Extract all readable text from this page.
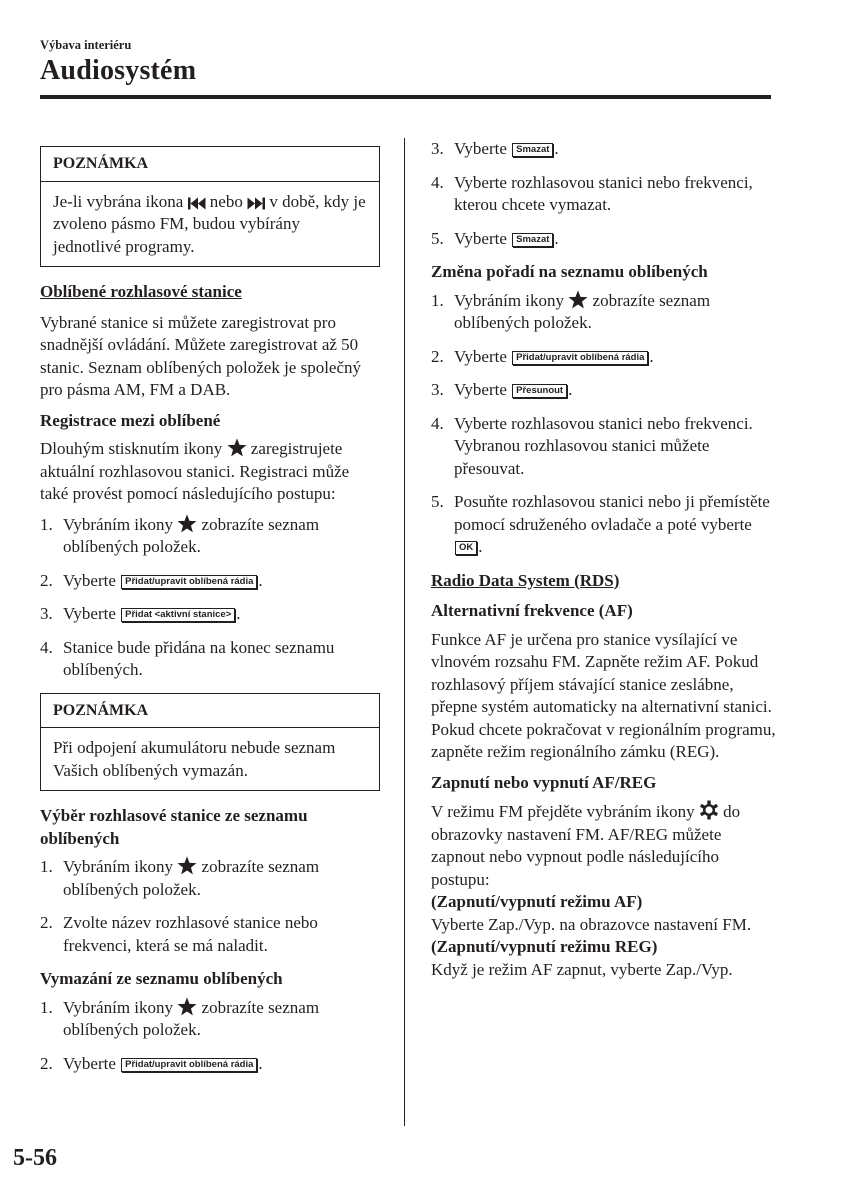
Výbava interiéru
Audiosystém
POZNÁMKA
Je-li vybrána ikona  nebo  v době, kdy je zvoleno pásmo FM, budou vybírány jednotlivé programy.
Oblíbené rozhlasové stanice
Vybrané stanice si můžete zaregistrovat pro snadnější ovládání. Můžete zaregistrovat až 50 stanic. Seznam oblíbených položek je společný pro pásma AM, FM a DAB.
Registrace mezi oblíbené
Dlouhým stisknutím ikony  zaregistrujete aktuální rozhlasovou stanici. Registraci může také provést pomocí následujícího postupu:
1. Vybráním ikony  zobrazíte seznam oblíbených položek.
2. Vyberte Přidat/upravit oblíbená rádia .
3. Vyberte Přidat <aktivní stanice> .
4. Stanice bude přidána na konec seznamu oblíbených.
POZNÁMKA
Při odpojení akumulátoru nebude seznam Vašich oblíbených vymazán.
Výběr rozhlasové stanice ze seznamu oblíbených
1. Vybráním ikony  zobrazíte seznam oblíbených položek.
2. Zvolte název rozhlasové stanice nebo frekvenci, která se má naladit.
Vymazání ze seznamu oblíbených
1. Vybráním ikony  zobrazíte seznam oblíbených položek.
2. Vyberte Přidat/upravit oblíbená rádia .
3. Vyberte Smazat .
4. Vyberte rozhlasovou stanici nebo frekvenci, kterou chcete vymazat.
5. Vyberte Smazat .
Změna pořadí na seznamu oblíbených
1. Vybráním ikony  zobrazíte seznam oblíbených položek.
2. Vyberte Přidat/upravit oblíbená rádia .
3. Vyberte Přesunout .
4. Vyberte rozhlasovou stanici nebo frekvenci. Vybranou rozhlasovou stanici můžete přesouvat.
5. Posuňte rozhlasovou stanici nebo ji přemístěte pomocí sdruženého ovladače a poté vyberte OK .
Radio Data System (RDS)
Alternativní frekvence (AF)
Funkce AF je určena pro stanice vysílající ve vlnovém rozsahu FM. Zapněte režim AF. Pokud rozhlasový příjem stávající stanice zeslábne, přepne systém automaticky na alternativní stanici. Pokud chcete pokračovat v regionálním programu, zapněte režim regionálního zámku (REG).
Zapnutí nebo vypnutí AF/REG
V režimu FM přejděte vybráním ikony  do obrazovky nastavení FM. AF/REG můžete zapnout nebo vypnout podle následujícího postupu:
(Zapnutí/vypnutí režimu AF)
Vyberte Zap./Vyp. na obrazovce nastavení FM. (Zapnutí/vypnutí režimu REG)
Když je režim AF zapnut, vyberte Zap./Vyp.
5-56
